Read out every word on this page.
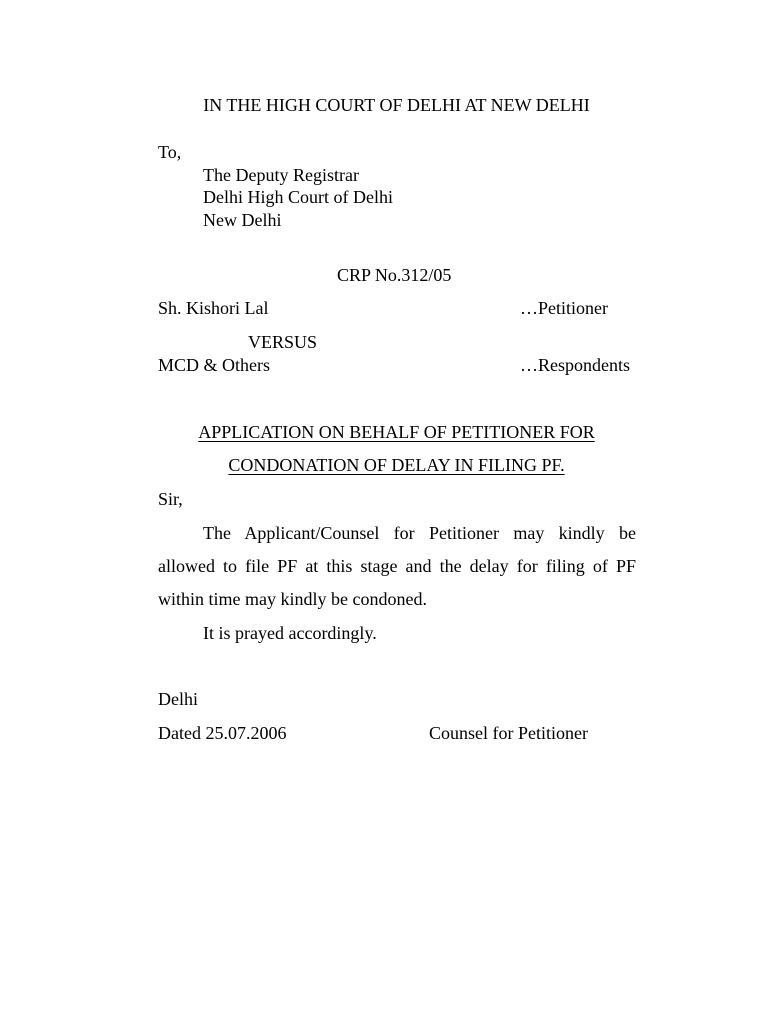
IN THE HIGH COURT OF DELHI AT NEW DELHI
To,
The Deputy Registrar
Delhi High Court of Delhi
New Delhi
CRP No.312/05
Sh. Kishori Lal	…Petitioner
VERSUS
MCD & Others	…Respondents
APPLICATION ON BEHALF OF PETITIONER FOR
CONDONATION OF DELAY IN FILING PF.
Sir,
The Applicant/Counsel for Petitioner may kindly be
allowed to file PF at this stage and the delay for filing of PF
within time may kindly be condoned.
It is prayed accordingly.
Delhi
Dated 25.07.2006	Counsel for Petitioner
